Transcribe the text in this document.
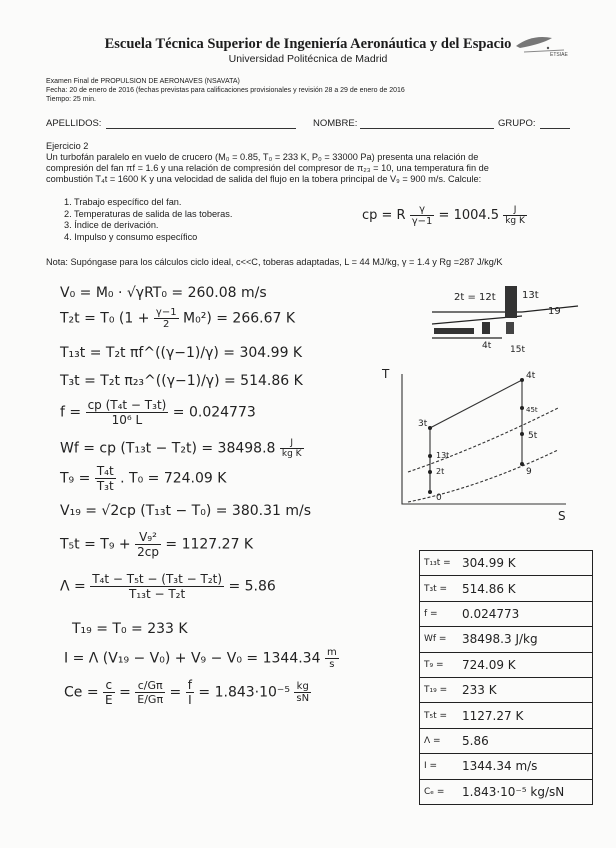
Escuela Técnica Superior de Ingeniería Aeronáutica y del Espacio
Universidad Politécnica de Madrid	ETSIAE
Examen Final de PROPULSION DE AERONAVES (NSAVATA)
Fecha: 20 de enero de 2016 (fechas previstas para calificaciones provisionales y revisión 28 a 29 de enero de 2016
Tiempo: 25 min.
APELLIDOS:	NOMBRE:	GRUPO:
Ejercicio 2
Un turbofán paralelo en vuelo de crucero (M₀ = 0.85, T₀ = 233 K, P₀ = 33000 Pa) presenta una relación de
compresión del fan πf = 1.6 y una relación de compresión del compresor de π₂₃ = 10, una temperatura fin de
combustión T₄t = 1600 K y una velocidad de salida del flujo en la tobera principal de V₉ = 900 m/s. Calcule:
1. Trabajo específico del fan.
2. Temperaturas de salida de las toberas.
3. Índice de derivación.
4. Impulso y consumo específico
cp = R $\frac{\gamma}{\gamma-1} = 1004.5 \frac{J}{\text{kg K}}$
Nota: Supóngase para los cálculos ciclo ideal, c<<C, toberas adaptadas, L = 44 MJ/kg, γ = 1.4 y Rg =287 J/kg/K
V₀ = M₀ · √γRT₀ = 260.08 m/s
T₂t = T₀ $(1 + \frac{\gamma-1}{2} M_0^2) = 266.67$ K
T₁₃t = T₂t πf^((γ−1)/γ) = 304.99 K
T₃t = T₂t π₂₃^((γ−1)/γ) = 514.86 K
$f = \frac{\text{cp (T₄t − T₃t)}}{\text{10⁶ L}} = 0.024773$
Wf = cp $(T_{13}t - T_2t) = 38498.8 \frac{J}{\text{kg K}}$
$T_9 = \frac{\text{T₄t}}{\text{T₃t}}$ . T₀ = 724.09 K
V₁₉ = √2cp (T₁₃t − T₀) = 380.31 m/s
$T_5t = T_9 + \frac{\text{V₉²}}{2cp} = 1127.27$ K
$\Lambda = \frac{\text{T₄t − T₅t − (T₃t − T₂t)}}{\text{T₁₃t − T₂t}} = 5.86$
T₁₉ = T₀ = 233 K
I = Λ $(V_{19} - V_0) + V_9 - V_0 = 1344.34 \frac{m}{s}$
$Ce = \frac{c}{E} = \frac{c/G\pi}{E/G\pi} = \frac{f}{I} = 1.843\cdot 10^{-5} \frac{kg}{sN}$
2t = 12t	13t
19
4t 15t
T
S
4t
45t
5t
3t
13t
2t
0
9
T₁₃t = 304.99 K
T₃t =	514.86 K
f =	0.024773
Wf =	38498.3 J/kg
T₉ =	724.09 K
T₁₉ =	233 K
T₅t =	1127.27 K
Λ =	5.86
I =	1344.34 m/s
Cₑ =	1.843·10⁻⁵ kg/sN
